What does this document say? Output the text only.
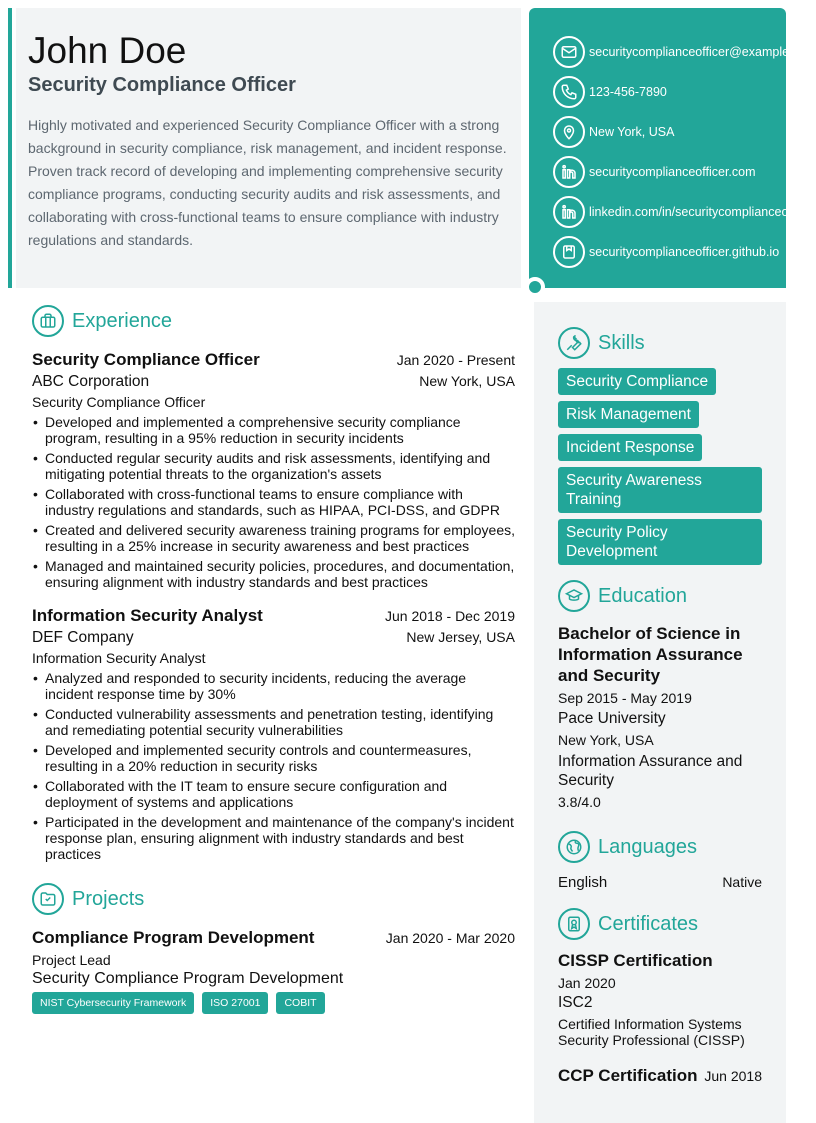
John Doe
Security Compliance Officer
Highly motivated and experienced Security Compliance Officer with a strong background in security compliance, risk management, and incident response. Proven track record of developing and implementing comprehensive security compliance programs, conducting security audits and risk assessments, and collaborating with cross-functional teams to ensure compliance with industry regulations and standards.
securitycomplianceofficer@example.com
123-456-7890
New York, USA
securitycomplianceofficer.com
linkedin.com/in/securitycomplianceofficer
securitycomplianceofficer.github.io
Experience
Security Compliance Officer	Jan 2020 - Present
ABC Corporation	New York, USA
Security Compliance Officer
• Developed and implemented a comprehensive security compliance program, resulting in a 95% reduction in security incidents
• Conducted regular security audits and risk assessments, identifying and mitigating potential threats to the organization's assets
• Collaborated with cross-functional teams to ensure compliance with industry regulations and standards, such as HIPAA, PCI-DSS, and GDPR
• Created and delivered security awareness training programs for employees, resulting in a 25% increase in security awareness and best practices
• Managed and maintained security policies, procedures, and documentation, ensuring alignment with industry standards and best practices
Information Security Analyst	Jun 2018 - Dec 2019
DEF Company	New Jersey, USA
Information Security Analyst
• Analyzed and responded to security incidents, reducing the average incident response time by 30%
• Conducted vulnerability assessments and penetration testing, identifying and remediating potential security vulnerabilities
• Developed and implemented security controls and countermeasures, resulting in a 20% reduction in security risks
• Collaborated with the IT team to ensure secure configuration and deployment of systems and applications
• Participated in the development and maintenance of the company's incident response plan, ensuring alignment with industry standards and best practices
Projects
Compliance Program Development	Jan 2020 - Mar 2020
Project Lead
Security Compliance Program Development
NIST Cybersecurity Framework	ISO 27001	COBIT
Skills
Security Compliance
Risk Management
Incident Response
Security Awareness Training
Security Policy Development
Education
Bachelor of Science in Information Assurance and Security
Sep 2015 - May 2019
Pace University
New York, USA
Information Assurance and Security
3.8/4.0
Languages
English	Native
Certificates
CISSP Certification
Jan 2020
ISC2
Certified Information Systems Security Professional (CISSP)
CCP Certification Jun 2018
